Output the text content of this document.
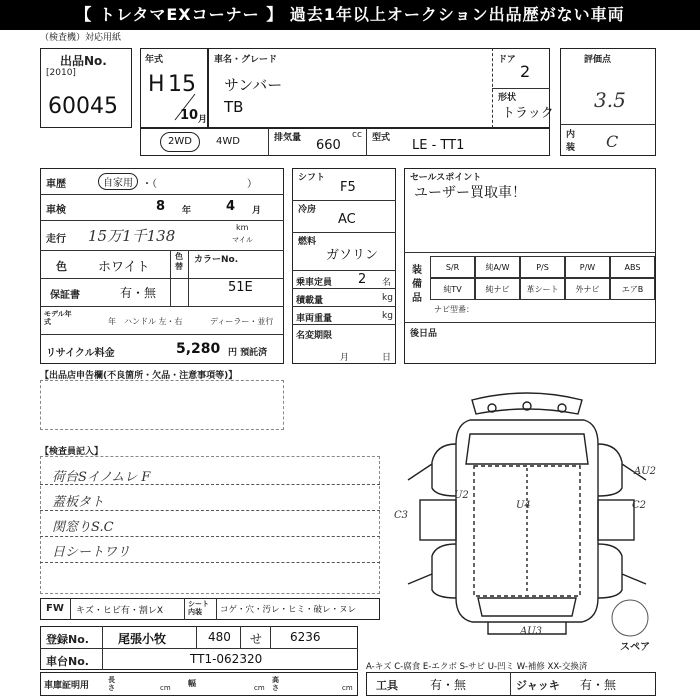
【 トレタマEXコーナー 】 過去1年以上オークション出品歴がない車両
（検査機）対応用紙
出品No.
[2010]
60045
年式
H 15
10 月
車名・グレード
サンバー
TB
ドア
2
形状
トラック
評価点
3.5
内
装 C
2WD	4WD	排気量	cc
660	型式 LE - TT1
車歴	自家用 ・（　　　　　　　　　）
車検	8 年	4 月
走行 15万1千138	km
マイル
色 ホワイト
色替
カラーNo.
51E
保証書	有・無
モデル年式	年 ハンドル 左・右	ディーラー・並行
リサイクル料金	5,280 円 預託済
シフト
F5
冷房
AC
燃料
ガソリン
乗車定員 2 名
積載量	kg
車両重量	kg
名変期限
月	日
セールスポイント
ユーザー買取車！
装備品
S/R	純A/W	P/S	P/W	ABS
純TV	純ナビ	革シート	外ナビ	エアB
ナビ型番：
後日品
【出品店申告欄(不良箇所・欠品・注意事項等)】
【検査員記入】
荷台Sイノムレ F
蓋板タト
関窓りS.C
日シートワリ
AU2
U2
U4	C2
C3
AU3
スペア
FW キズ・ヒビ有・割レX
シート内装	コゲ・穴・汚レ・ヒミ・破レ・ヌレ
登録No. 尾張小牧	480 せ 6236
車台No.	TT1-062320
A-キズ C-腐食 E-エクボ S-サビ U-凹ミ W-補修 XX-交換済
車庫証明用
長さ	cm 幅	cm
高さ	cm 工具	有・無	ジャッキ 有・無
